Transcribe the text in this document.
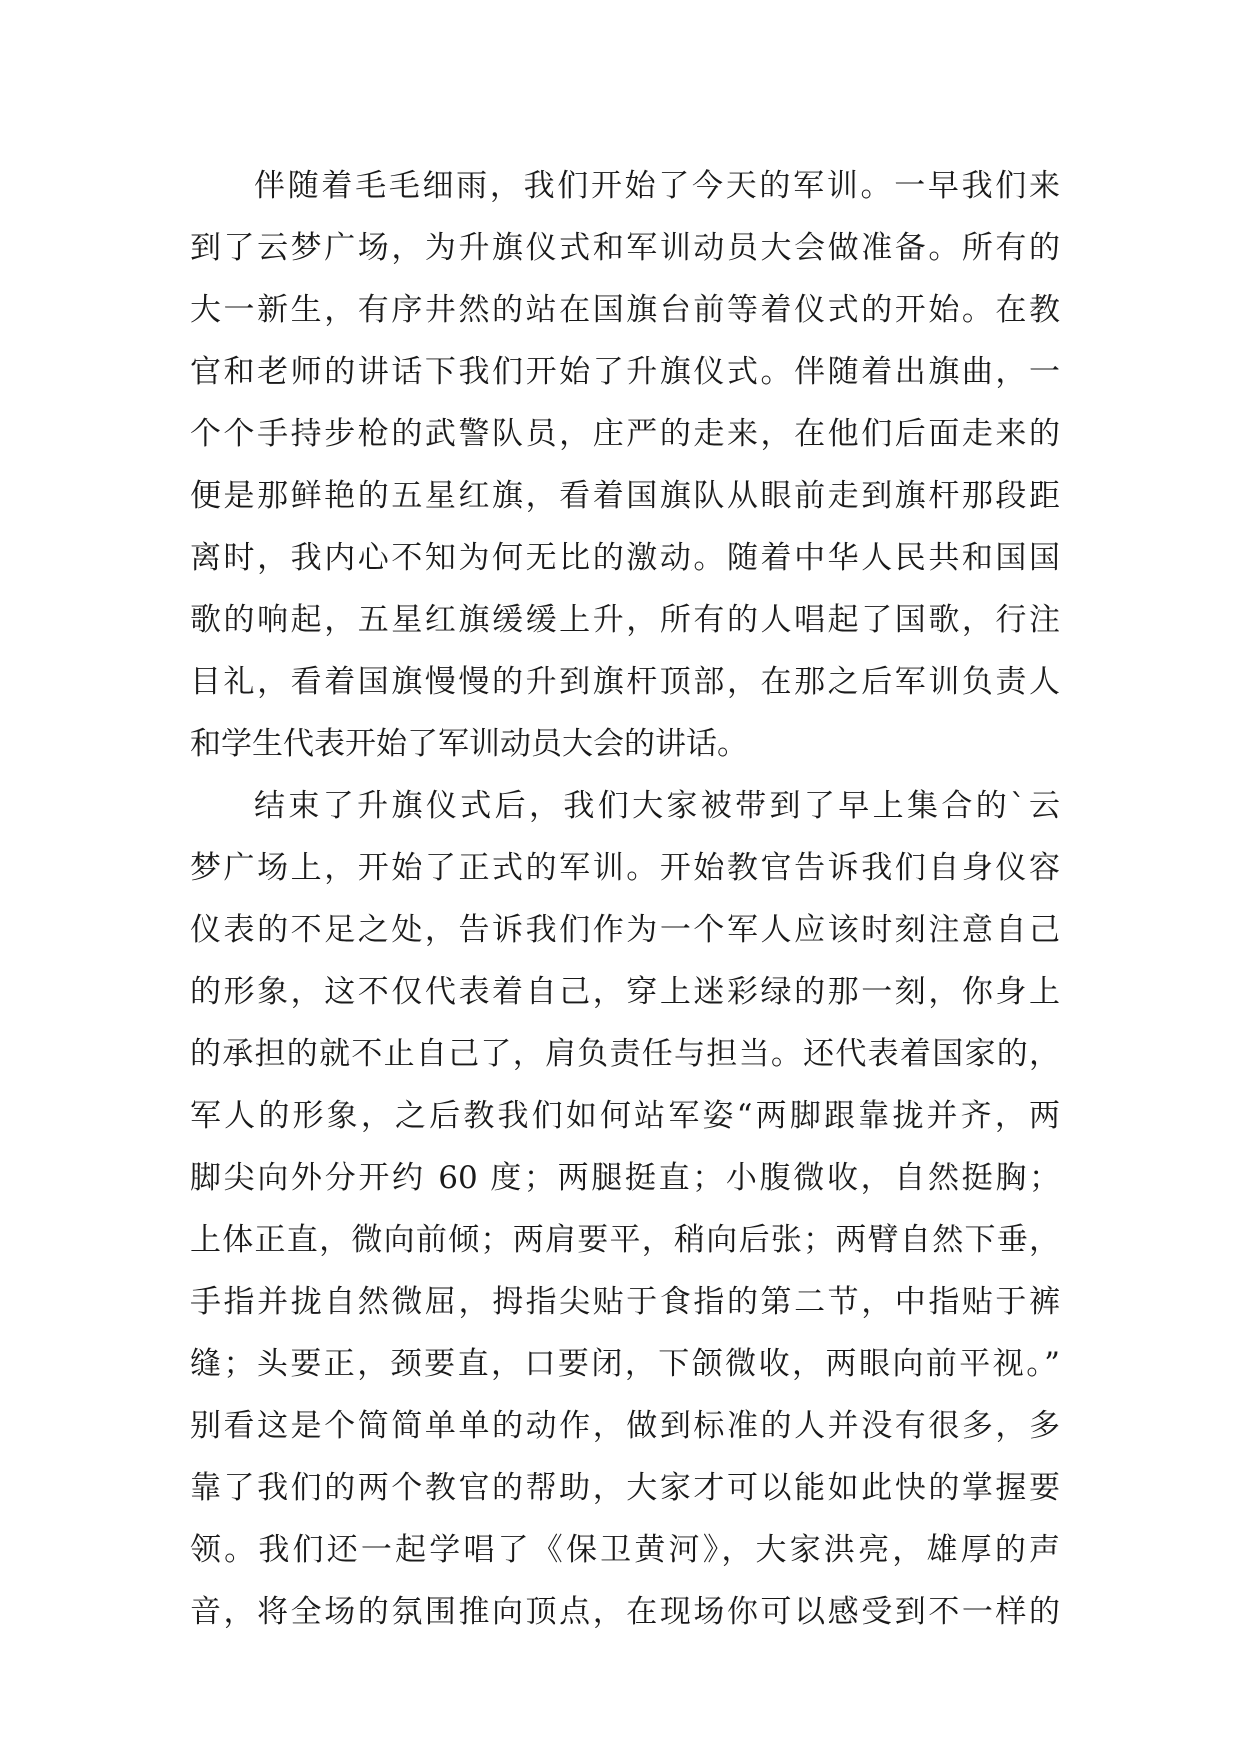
伴随着毛毛细雨，我们开始了今天的军训。一早我们来
到了云梦广场，为升旗仪式和军训动员大会做准备。所有的
大一新生，有序井然的站在国旗台前等着仪式的开始。在教
官和老师的讲话下我们开始了升旗仪式。伴随着出旗曲，一
个个手持步枪的武警队员，庄严的走来，在他们后面走来的
便是那鲜艳的五星红旗，看着国旗队从眼前走到旗杆那段距
离时，我内心不知为何无比的激动。随着中华人民共和国国
歌的响起，五星红旗缓缓上升，所有的人唱起了国歌，行注
目礼，看着国旗慢慢的升到旗杆顶部，在那之后军训负责人
和学生代表开始了军训动员大会的讲话。
结束了升旗仪式后，我们大家被带到了早上集合的`云
梦广场上，开始了正式的军训。开始教官告诉我们自身仪容
仪表的不足之处，告诉我们作为一个军人应该时刻注意自己
的形象，这不仅代表着自己，穿上迷彩绿的那一刻，你身上
的承担的就不止自己了，肩负责任与担当。还代表着国家的，
军人的形象，之后教我们如何站军姿“两脚跟靠拢并齐，两
脚尖向外分开约 60 度；两腿挺直；小腹微收，自然挺胸；
上体正直，微向前倾；两肩要平，稍向后张；两臂自然下垂，
手指并拢自然微屈，拇指尖贴于食指的第二节，中指贴于裤
缝；头要正，颈要直，口要闭，下颌微收，两眼向前平视。”
别看这是个简简单单的动作，做到标准的人并没有很多，多
靠了我们的两个教官的帮助，大家才可以能如此快的掌握要
领。我们还一起学唱了《保卫黄河》，大家洪亮，雄厚的声
音，将全场的氛围推向顶点，在现场你可以感受到不一样的
